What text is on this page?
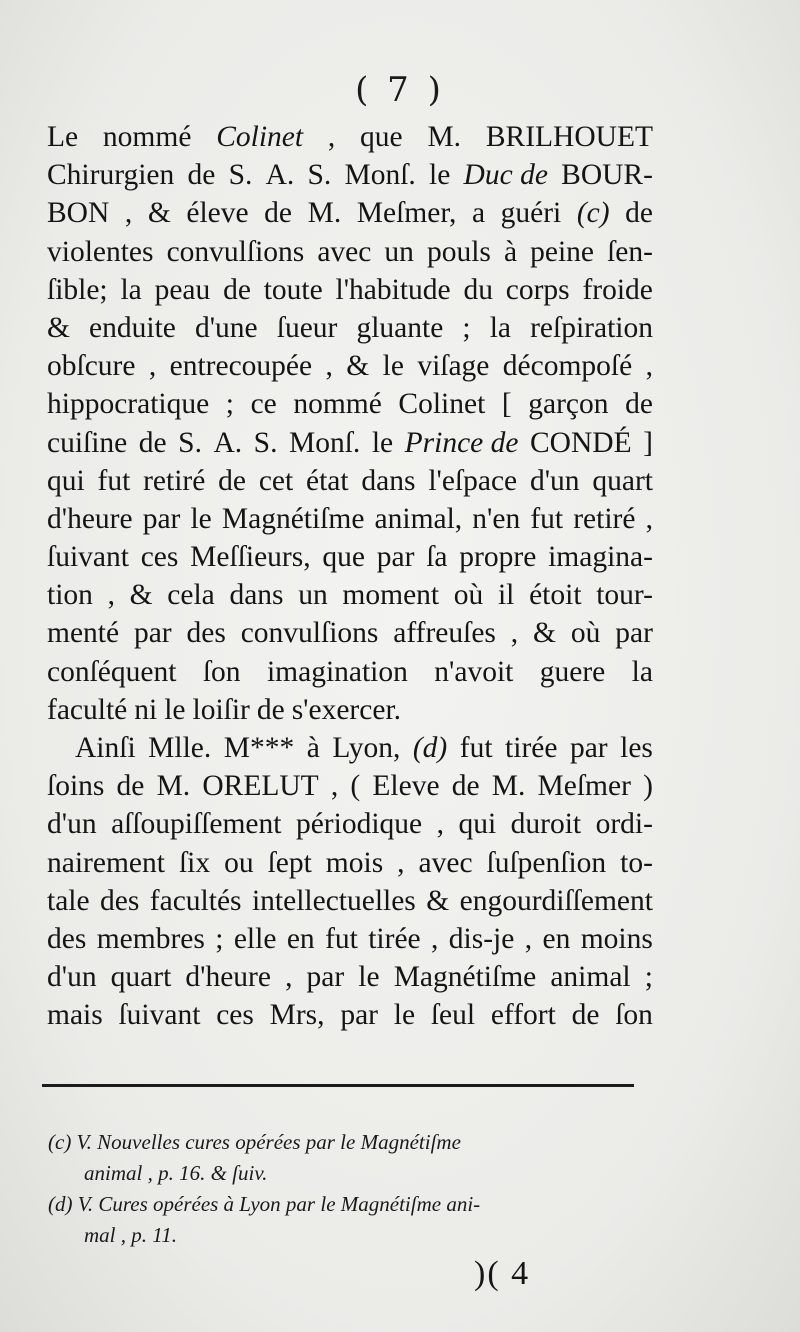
( 7 )
Le nommé Colinet , que M. BRILHOUET
Chirurgien de S. A. S. Monſ. le Duc de BOUR-
BON , & éleve de M. Meſmer, a guéri (c) de
violentes convulſions avec un pouls à peine ſen-
ſible; la peau de toute l'habitude du corps froide
& enduite d'une ſueur gluante ; la reſpiration
obſcure , entrecoupée , & le viſage décompoſé ,
hippocratique ; ce nommé Colinet [ garçon de
cuiſine de S. A. S. Monſ. le Prince de CONDÉ ]
qui fut retiré de cet état dans l'eſpace d'un quart
d'heure par le Magnétiſme animal, n'en fut retiré ,
ſuivant ces Meſſieurs, que par ſa propre imagina-
tion , & cela dans un moment où il étoit tour-
menté par des convulſions affreuſes , & où par
conſéquent ſon imagination n'avoit guere la
faculté ni le loiſir de s'exercer.
Ainſi Mlle. M*** à Lyon, (d) fut tirée par les
ſoins de M. ORELUT , ( Eleve de M. Meſmer )
d'un aſſoupiſſement périodique , qui duroit ordi-
nairement ſix ou ſept mois , avec ſuſpenſion to-
tale des facultés intellectuelles & engourdiſſement
des membres ; elle en fut tirée , dis-je , en moins
d'un quart d'heure , par le Magnétiſme animal ;
mais ſuivant ces Mrs, par le ſeul effort de ſon
(c) V. Nouvelles cures opérées par le Magnétiſme
animal , p. 16. & ſuiv.
(d) V. Cures opérées à Lyon par le Magnétiſme ani-
mal , p. 11.
)( 4
